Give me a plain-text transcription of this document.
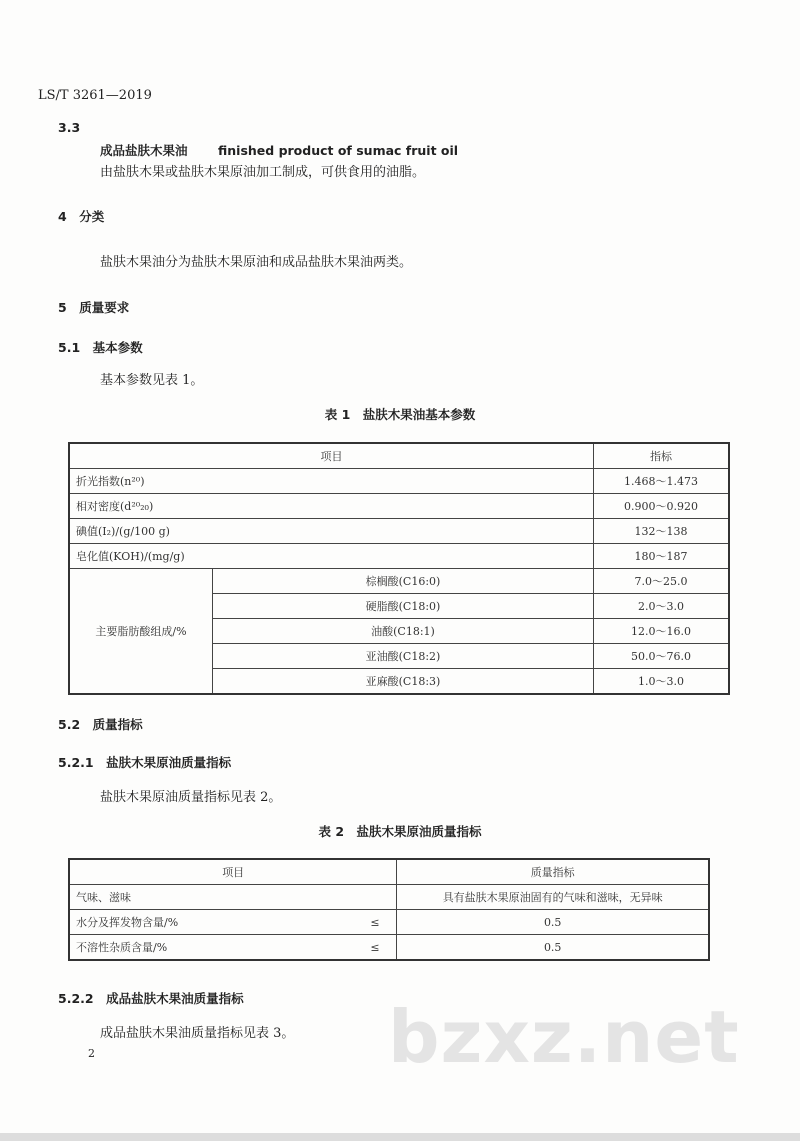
LS/T 3261—2019
3.3
成品盐肤木果油 finished product of sumac fruit oil
由盐肤木果或盐肤木果原油加工制成，可供食用的油脂。
4　分类
盐肤木果油分为盐肤木果原油和成品盐肤木果油两类。
5　质量要求
5.1　基本参数
基本参数见表 1。
表 1　盐肤木果油基本参数
项目		指标
折光指数(n²⁰)		1.468～1.473
相对密度(d²⁰₂₀)		0.900～0.920
碘值(I₂)/(g/100 g)		132～138
皂化值(KOH)/(mg/g)		180～187
主要脂肪酸组成/%	棕榈酸(C16:0)	7.0～25.0
	硬脂酸(C18:0)	2.0～3.0
	油酸(C18:1)	12.0～16.0
	亚油酸(C18:2)	50.0～76.0
	亚麻酸(C18:3)	1.0～3.0
5.2　质量指标
5.2.1　盐肤木果原油质量指标
盐肤木果原油质量指标见表 2。
表 2　盐肤木果原油质量指标
项目		质量指标
气味、滋味		具有盐肤木果原油固有的气味和滋味，无异味
水分及挥发物含量/%	≤	0.5
不溶性杂质含量/%	≤	0.5
5.2.2　成品盐肤木果油质量指标
成品盐肤木果油质量指标见表 3。
2	bzxz.net
